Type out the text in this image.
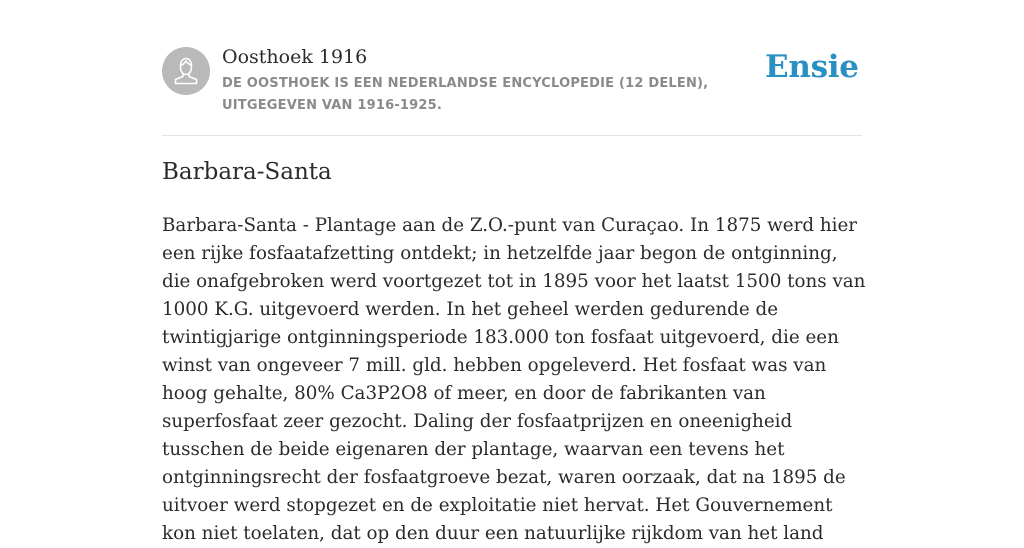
Oosthoek 1916
DE OOSTHOEK IS EEN NEDERLANDSE ENCYCLOPEDIE (12 DELEN), UITGEGEVEN VAN 1916-1925.
Ensie
Barbara-Santa

Barbara-Santa - Plantage aan de Z.O.-punt van Curaçao. In 1875 werd hier een rijke fosfaatafzetting ontdekt; in hetzelfde jaar begon de ontginning, die onafgebroken werd voortgezet tot in 1895 voor het laatst 1500 tons van 1000 K.G. uitgevoerd werden. In het geheel werden gedurende de twintigjarige ontginningsperiode 183.000 ton fosfaat uitgevoerd, die een winst van ongeveer 7 mill. gld. hebben opgeleverd. Het fosfaat was van hoog gehalte, 80% Ca3P2O8 of meer, en door de fabrikanten van superfosfaat zeer gezocht. Daling der fosfaatprijzen en oneenigheid tusschen de beide eigenaren der plantage, waarvan een tevens het ontginningsrecht der fosfaatgroeve bezat, waren oorzaak, dat na 1895 de uitvoer werd stopgezet en de exploitatie niet hervat. Het Gouvernement kon niet toelaten, dat op den duur een natuurlijke rijkdom van het land
